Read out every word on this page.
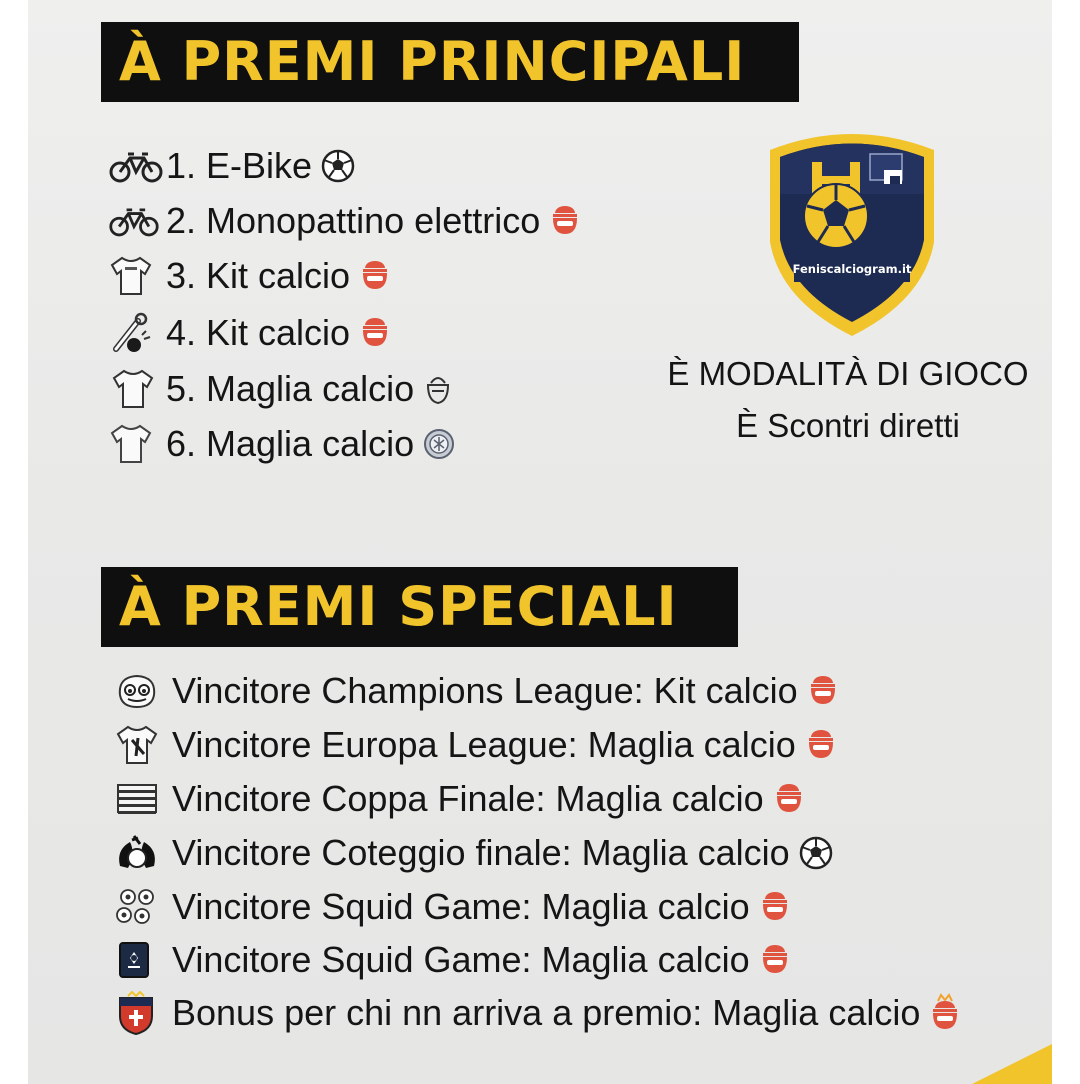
À PREMI PRINCIPALI
1. E-Bike
2. Monopattino elettrico
3. Kit calcio
4. Kit calcio
5. Maglia calcio
6. Maglia calcio
Feniscalciogram.it
È MODALITÀ DI GIOCO
È Scontri diretti
À PREMI SPECIALI
Vincitore Champions League: Kit calcio
Vincitore Europa League: Maglia calcio
Vincitore Coppa Finale: Maglia calcio
Vincitore Coteggio finale: Maglia calcio
Vincitore Squid Game: Maglia calcio
Vincitore Squid Game: Maglia calcio
Bonus per chi nn arriva a premio: Maglia calcio
